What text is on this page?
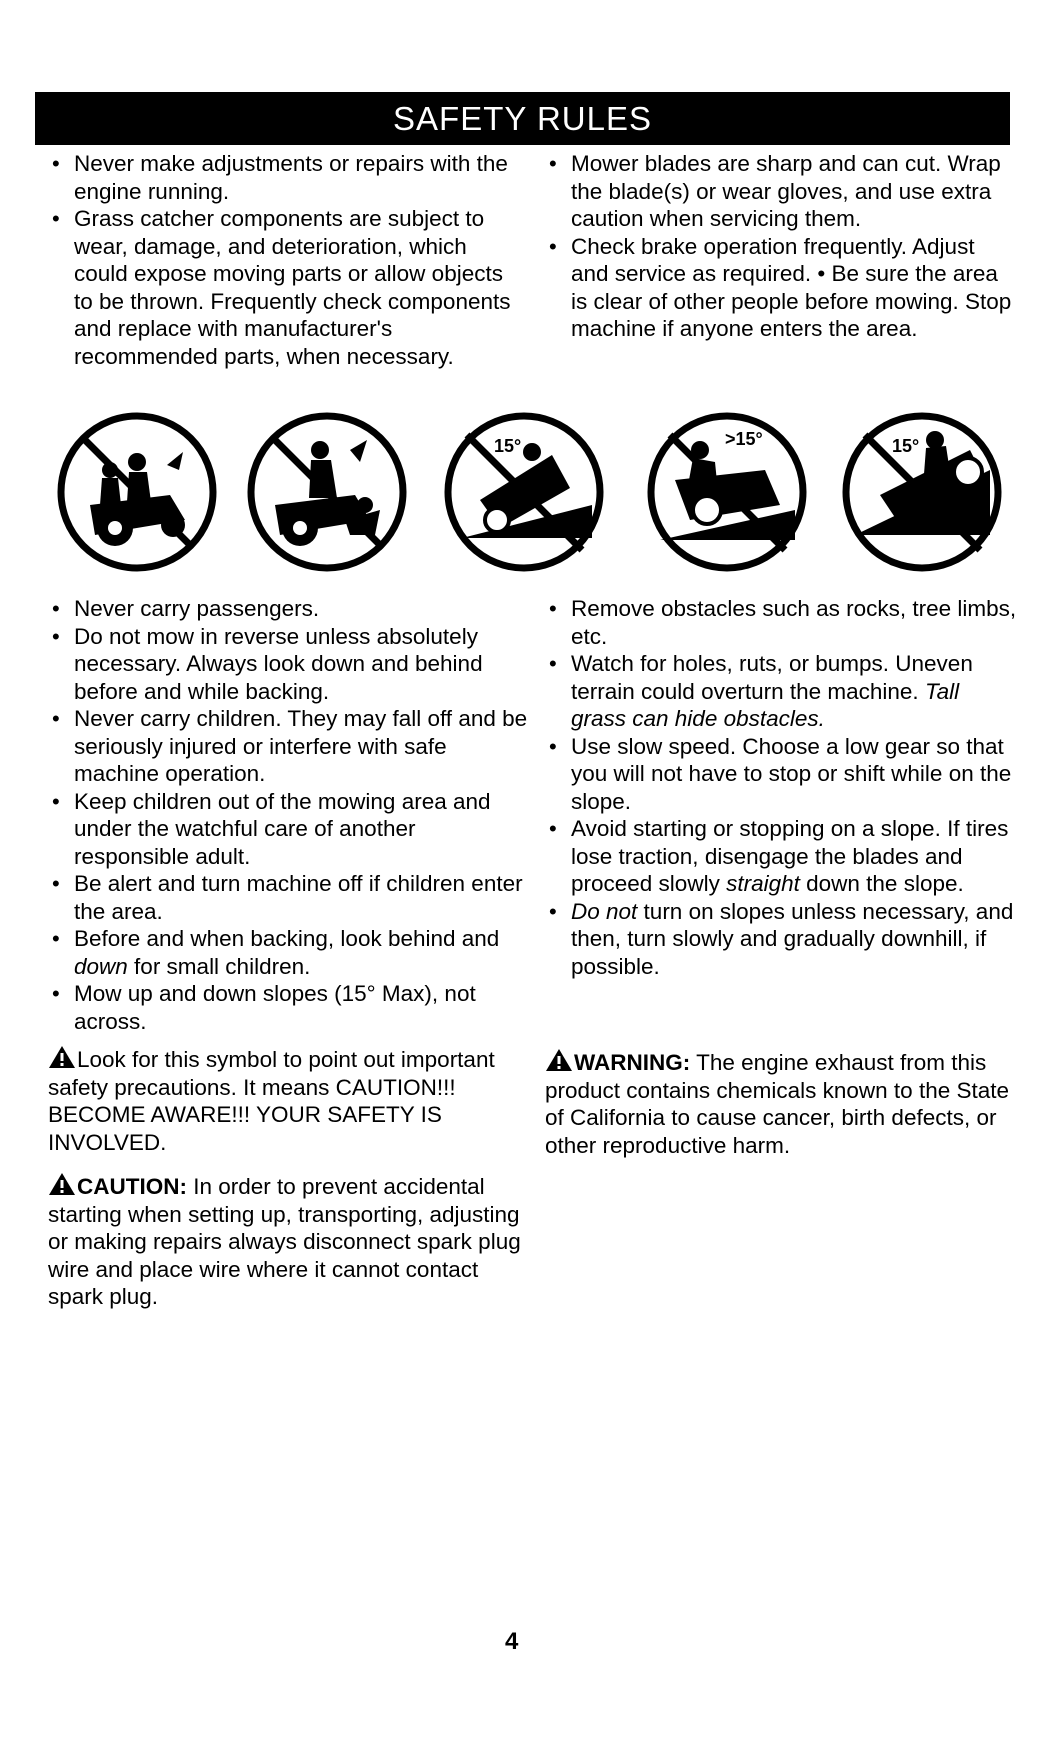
SAFETY RULES
• Never make adjustments or repairs with the engine running.
• Grass catcher components are subject to wear, damage, and deterioration, which could expose moving parts or allow objects to be thrown. Frequently check components and replace with manufacturer's recommended parts, when necessary.
• Mower blades are sharp and can cut. Wrap the blade(s) or wear gloves, and use extra caution when servicing them.
• Check brake operation frequently. Adjust and service as required. • Be sure the area is clear of other people before mowing. Stop machine if anyone enters the area.
15°	>15°	15°
• Never carry passengers.
• Do not mow in reverse unless absolutely necessary. Always look down and behind before and while backing.
• Never carry children. They may fall off and be seriously injured or interfere with safe machine operation.
• Keep children out of the mowing area and under the watchful care of another responsible adult.
• Be alert and turn machine off if children enter the area.
• Before and when backing, look behind and down for small children.
• Mow up and down slopes (15° Max), not across.
• Remove obstacles such as rocks, tree limbs, etc.
• Watch for holes, ruts, or bumps. Uneven terrain could overturn the machine. Tall grass can hide obstacles.
• Use slow speed. Choose a low gear so that you will not have to stop or shift while on the slope.
• Avoid starting or stopping on a slope. If tires lose traction, disengage the blades and proceed slowly straight down the slope.
• Do not turn on slopes unless necessary, and then, turn slowly and gradually downhill, if possible.
Look for this symbol to point out important safety precautions. It means CAUTION!!! BECOME AWARE!!! YOUR SAFETY IS INVOLVED.
WARNING: The engine exhaust from this product contains chemicals known to the State of California to cause cancer, birth defects, or other reproductive harm.
CAUTION: In order to prevent accidental starting when setting up, transporting, adjusting or making repairs always disconnect spark plug wire and place wire where it cannot contact spark plug.
4
